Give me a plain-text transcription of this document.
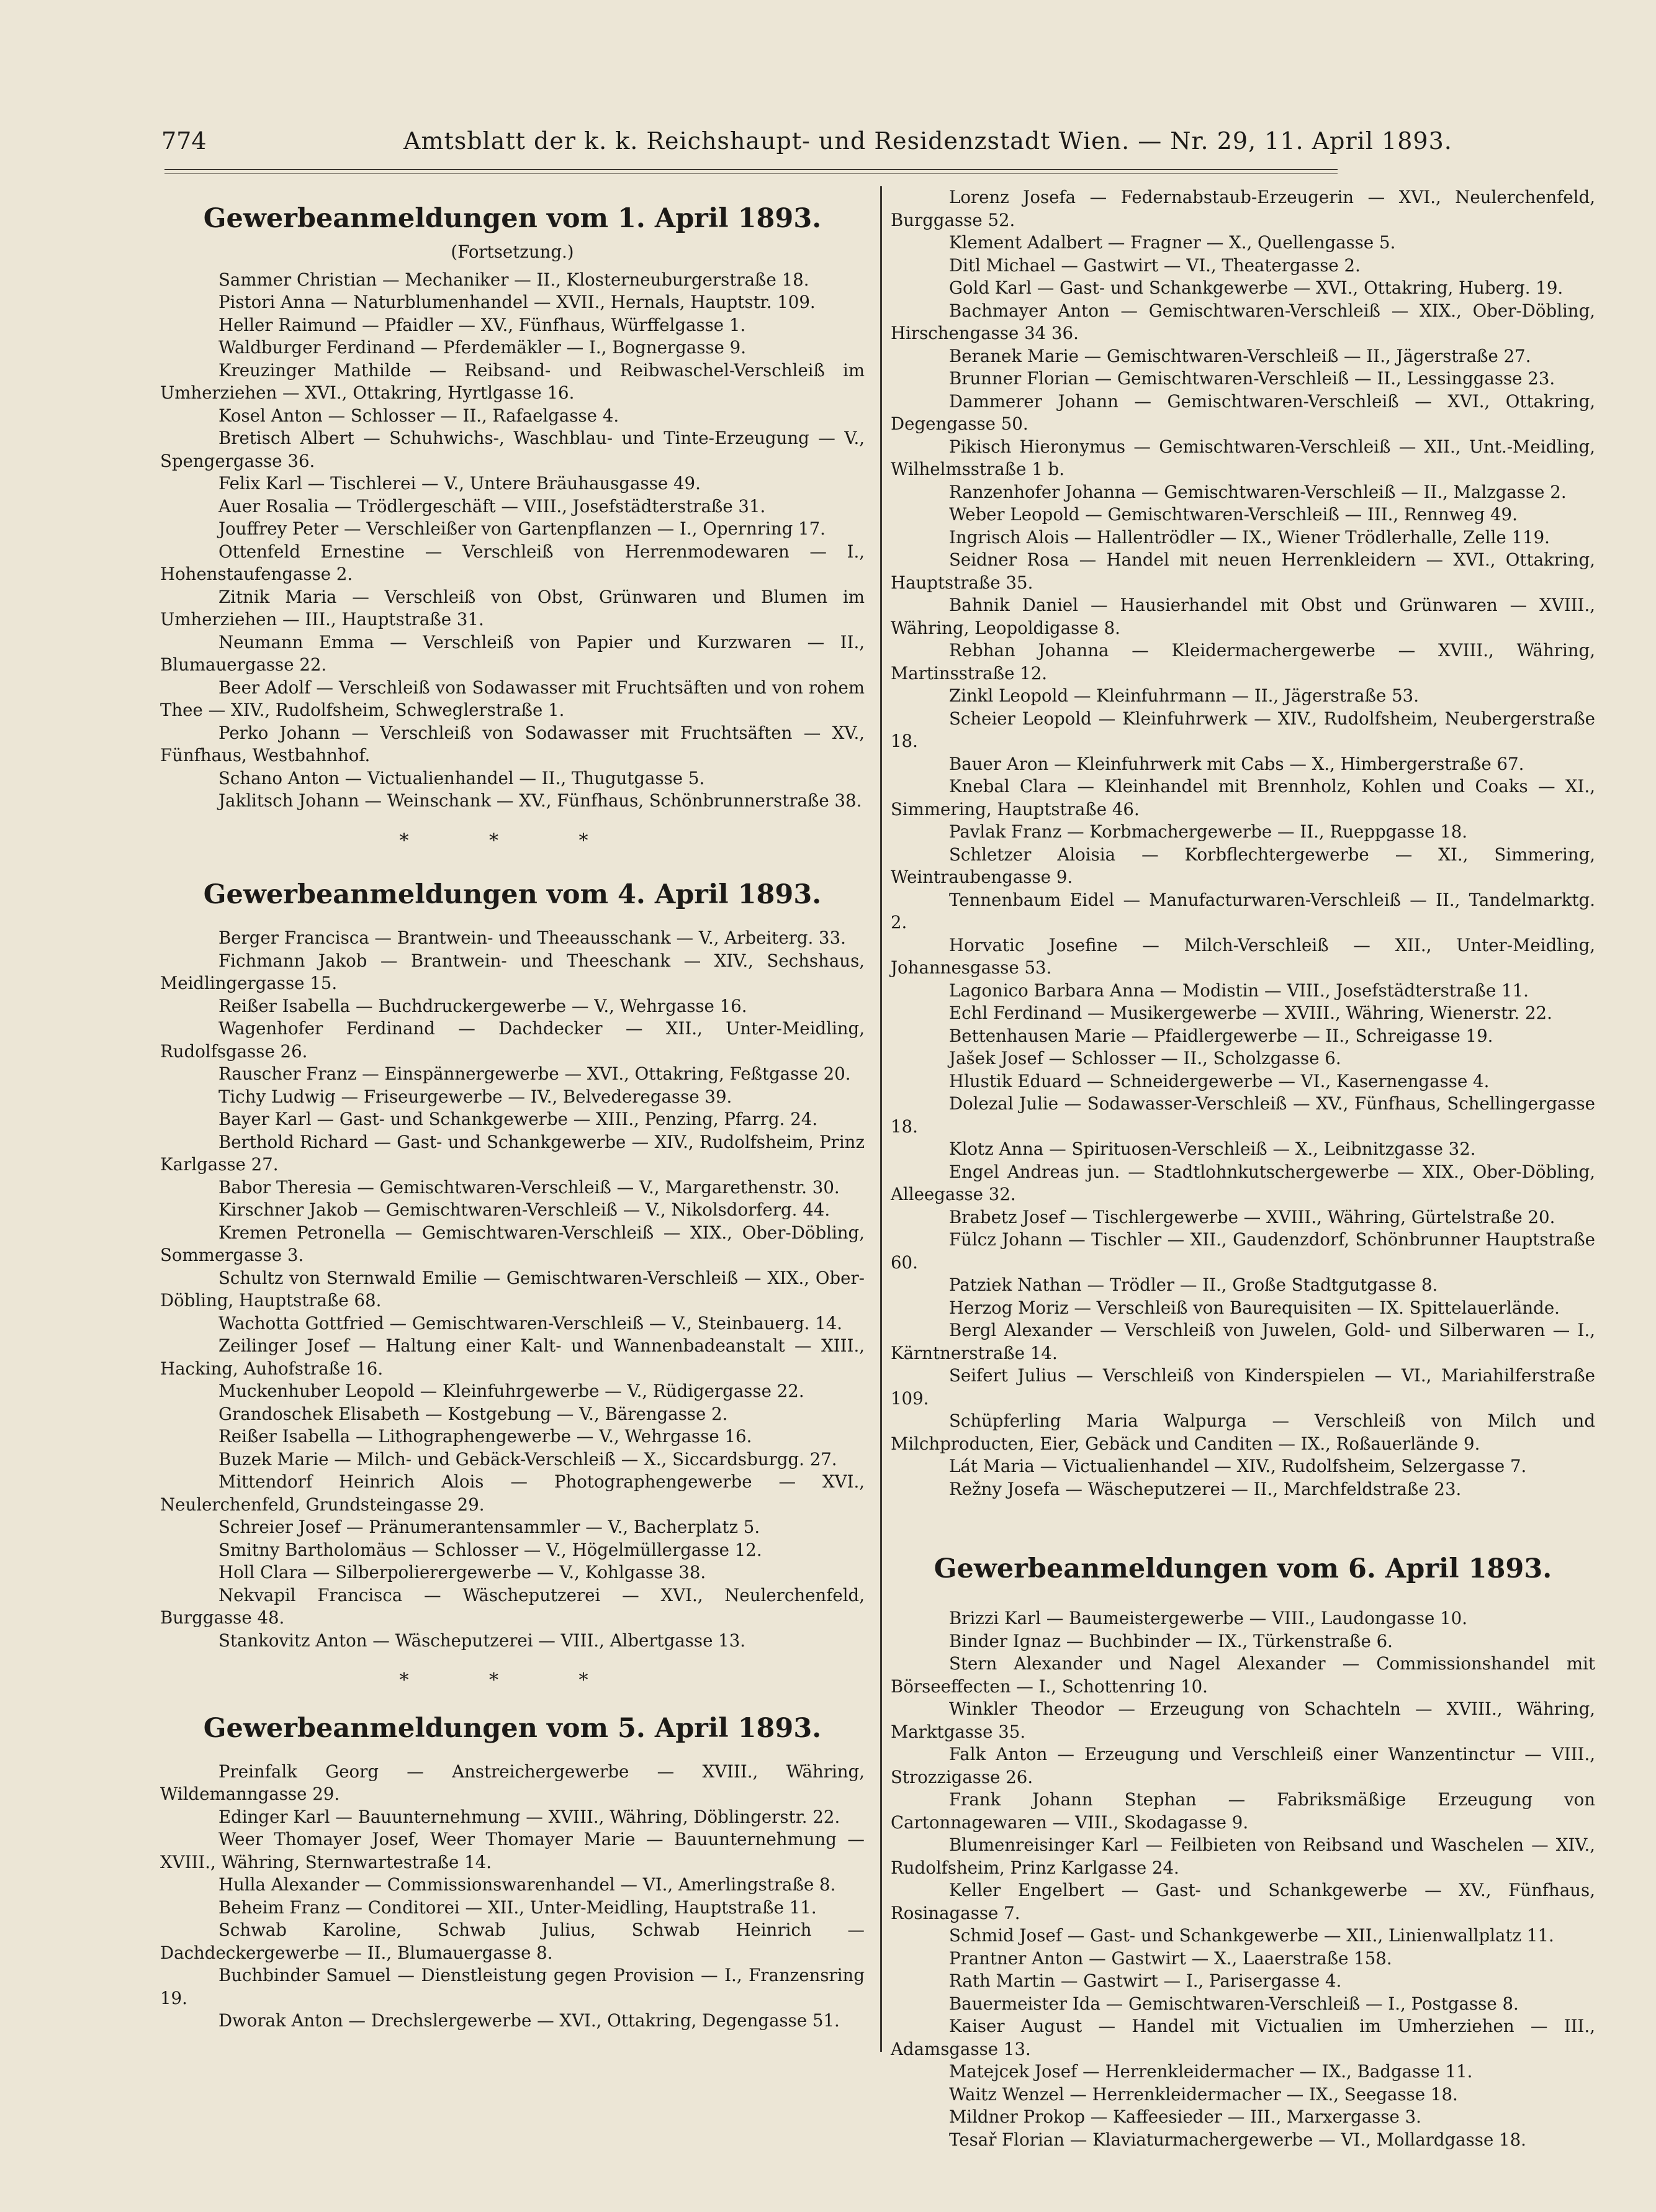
774	Amtsblatt der k. k. Reichshaupt- und Residenzstadt Wien. — Nr. 29, 11. April 1893.
Gewerbeanmeldungen vom 1. April 1893.

(Fortsetzung.)

Sammer Christian — Mechaniker — II., Klosterneuburgerstraße 18.

Pistori Anna — Naturblumenhandel — XVII., Hernals, Hauptstr. 109.

Heller Raimund — Pfaidler — XV., Fünfhaus, Würffelgasse 1.

Waldburger Ferdinand — Pferdemäkler — I., Bognergasse 9.

Kreuzinger Mathilde — Reibsand- und Reibwaschel-Verschleiß im Umherziehen — XVI., Ottakring, Hyrtlgasse 16.

Kosel Anton — Schlosser — II., Rafaelgasse 4.

Bretisch Albert — Schuhwichs-, Waschblau- und Tinte-Erzeugung — V., Spengergasse 36.

Felix Karl — Tischlerei — V., Untere Bräuhausgasse 49.

Auer Rosalia — Trödlergeschäft — VIII., Josefstädterstraße 31.

Jouffrey Peter — Verschleißer von Gartenpflanzen — I., Opernring 17.

Ottenfeld Ernestine — Verschleiß von Herrenmodewaren — I., Hohenstaufengasse 2.

Zitnik Maria — Verschleiß von Obst, Grünwaren und Blumen im Umherziehen — III., Hauptstraße 31.

Neumann Emma — Verschleiß von Papier und Kurzwaren — II., Blumauergasse 22.

Beer Adolf — Verschleiß von Sodawasser mit Fruchtsäften und von rohem Thee — XIV., Rudolfsheim, Schweglerstraße 1.

Perko Johann — Verschleiß von Sodawasser mit Fruchtsäften — XV., Fünfhaus, Westbahnhof.

Schano Anton — Victualienhandel — II., Thugutgasse 5.

Jaklitsch Johann — Weinschank — XV., Fünfhaus, Schönbrunnerstraße 38.

* * *

Gewerbeanmeldungen vom 4. April 1893.

Berger Francisca — Brantwein- und Theeausschank — V., Arbeiterg. 33.

Fichmann Jakob — Brantwein- und Theeschank — XIV., Sechshaus, Meidlingergasse 15.

Reißer Isabella — Buchdruckergewerbe — V., Wehrgasse 16.

Wagenhofer Ferdinand — Dachdecker — XII., Unter-Meidling, Rudolfsgasse 26.

Rauscher Franz — Einspännergewerbe — XVI., Ottakring, Feßtgasse 20.

Tichy Ludwig — Friseurgewerbe — IV., Belvederegasse 39.

Bayer Karl — Gast- und Schankgewerbe — XIII., Penzing, Pfarrg. 24.

Berthold Richard — Gast- und Schankgewerbe — XIV., Rudolfsheim, Prinz Karlgasse 27.

Babor Theresia — Gemischtwaren-Verschleiß — V., Margarethenstr. 30.

Kirschner Jakob — Gemischtwaren-Verschleiß — V., Nikolsdorferg. 44.

Kremen Petronella — Gemischtwaren-Verschleiß — XIX., Ober-Döbling, Sommergasse 3.

Schultz von Sternwald Emilie — Gemischtwaren-Verschleiß — XIX., Ober-Döbling, Hauptstraße 68.

Wachotta Gottfried — Gemischtwaren-Verschleiß — V., Steinbauerg. 14.

Zeilinger Josef — Haltung einer Kalt- und Wannenbadeanstalt — XIII., Hacking, Auhofstraße 16.

Muckenhuber Leopold — Kleinfuhrgewerbe — V., Rüdigergasse 22.

Grandoschek Elisabeth — Kostgebung — V., Bärengasse 2.

Reißer Isabella — Lithographengewerbe — V., Wehrgasse 16.

Buzek Marie — Milch- und Gebäck-Verschleiß — X., Siccardsburgg. 27.

Mittendorf Heinrich Alois — Photographengewerbe — XVI., Neulerchenfeld, Grundsteingasse 29.

Schreier Josef — Pränumerantensammler — V., Bacherplatz 5.

Smitny Bartholomäus — Schlosser — V., Högelmüllergasse 12.

Holl Clara — Silberpolierergewerbe — V., Kohlgasse 38.

Nekvapil Francisca — Wäscheputzerei — XVI., Neulerchenfeld, Burggasse 48.

Stankovitz Anton — Wäscheputzerei — VIII., Albertgasse 13.

* * *

Gewerbeanmeldungen vom 5. April 1893.

Preinfalk Georg — Anstreichergewerbe — XVIII., Währing, Wildemanngasse 29.

Edinger Karl — Bauunternehmung — XVIII., Währing, Döblingerstr. 22.

Weer Thomayer Josef, Weer Thomayer Marie — Bauunternehmung — XVIII., Währing, Sternwartestraße 14.

Hulla Alexander — Commissionswarenhandel — VI., Amerlingstraße 8.

Beheim Franz — Conditorei — XII., Unter-Meidling, Hauptstraße 11.

Schwab Karoline, Schwab Julius, Schwab Heinrich — Dachdeckergewerbe — II., Blumauergasse 8.

Buchbinder Samuel — Dienstleistung gegen Provision — I., Franzensring 19.

Dworak Anton — Drechslergewerbe — XVI., Ottakring, Degengasse 51.

Lorenz Josefa — Federnabstaub-Erzeugerin — XVI., Neulerchenfeld, Burggasse 52.

Klement Adalbert — Fragner — X., Quellengasse 5.

Ditl Michael — Gastwirt — VI., Theatergasse 2.

Gold Karl — Gast- und Schankgewerbe — XVI., Ottakring, Huberg. 19.

Bachmayer Anton — Gemischtwaren-Verschleiß — XIX., Ober-Döbling, Hirschengasse 34 36.

Beranek Marie — Gemischtwaren-Verschleiß — II., Jägerstraße 27.

Brunner Florian — Gemischtwaren-Verschleiß — II., Lessinggasse 23.

Dammerer Johann — Gemischtwaren-Verschleiß — XVI., Ottakring, Degengasse 50.

Pikisch Hieronymus — Gemischtwaren-Verschleiß — XII., Unt.-Meidling, Wilhelmsstraße 1 b.

Ranzenhofer Johanna — Gemischtwaren-Verschleiß — II., Malzgasse 2.

Weber Leopold — Gemischtwaren-Verschleiß — III., Rennweg 49.

Ingrisch Alois — Hallentrödler — IX., Wiener Trödlerhalle, Zelle 119.

Seidner Rosa — Handel mit neuen Herrenkleidern — XVI., Ottakring, Hauptstraße 35.

Bahnik Daniel — Hausierhandel mit Obst und Grünwaren — XVIII., Währing, Leopoldigasse 8.

Rebhan Johanna — Kleidermachergewerbe — XVIII., Währing, Martinsstraße 12.

Zinkl Leopold — Kleinfuhrmann — II., Jägerstraße 53.

Scheier Leopold — Kleinfuhrwerk — XIV., Rudolfsheim, Neubergerstraße 18.

Bauer Aron — Kleinfuhrwerk mit Cabs — X., Himbergerstraße 67.

Knebal Clara — Kleinhandel mit Brennholz, Kohlen und Coaks — XI., Simmering, Hauptstraße 46.

Pavlak Franz — Korbmachergewerbe — II., Rueppgasse 18.

Schletzer Aloisia — Korbflechtergewerbe — XI., Simmering, Weintraubengasse 9.

Tennenbaum Eidel — Manufacturwaren-Verschleiß — II., Tandelmarktg. 2.

Horvatic Josefine — Milch-Verschleiß — XII., Unter-Meidling, Johannesgasse 53.

Lagonico Barbara Anna — Modistin — VIII., Josefstädterstraße 11.

Echl Ferdinand — Musikergewerbe — XVIII., Währing, Wienerstr. 22.

Bettenhausen Marie — Pfaidlergewerbe — II., Schreigasse 19.

Jašek Josef — Schlosser — II., Scholzgasse 6.

Hlustik Eduard — Schneidergewerbe — VI., Kasernengasse 4.

Dolezal Julie — Sodawasser-Verschleiß — XV., Fünfhaus, Schellingergasse 18.

Klotz Anna — Spirituosen-Verschleiß — X., Leibnitzgasse 32.

Engel Andreas jun. — Stadtlohnkutschergewerbe — XIX., Ober-Döbling, Alleegasse 32.

Brabetz Josef — Tischlergewerbe — XVIII., Währing, Gürtelstraße 20.

Fülcz Johann — Tischler — XII., Gaudenzdorf, Schönbrunner Hauptstraße 60.

Patziek Nathan — Trödler — II., Große Stadtgutgasse 8.

Herzog Moriz — Verschleiß von Baurequisiten — IX. Spittelauerlände.

Bergl Alexander — Verschleiß von Juwelen, Gold- und Silberwaren — I., Kärntnerstraße 14.

Seifert Julius — Verschleiß von Kinderspielen — VI., Mariahilferstraße 109.

Schüpferling Maria Walpurga — Verschleiß von Milch und Milchproducten, Eier, Gebäck und Canditen — IX., Roßauerlände 9.

Lát Maria — Victualienhandel — XIV., Rudolfsheim, Selzergasse 7.

Režny Josefa — Wäscheputzerei — II., Marchfeldstraße 23.

Gewerbeanmeldungen vom 6. April 1893.

Brizzi Karl — Baumeistergewerbe — VIII., Laudongasse 10.

Binder Ignaz — Buchbinder — IX., Türkenstraße 6.

Stern Alexander und Nagel Alexander — Commissionshandel mit Börseeffecten — I., Schottenring 10.

Winkler Theodor — Erzeugung von Schachteln — XVIII., Währing, Marktgasse 35.

Falk Anton — Erzeugung und Verschleiß einer Wanzentinctur — VIII., Strozzigasse 26.

Frank Johann Stephan — Fabriksmäßige Erzeugung von Cartonnagewaren — VIII., Skodagasse 9.

Blumenreisinger Karl — Feilbieten von Reibsand und Waschelen — XIV., Rudolfsheim, Prinz Karlgasse 24.

Keller Engelbert — Gast- und Schankgewerbe — XV., Fünfhaus, Rosinagasse 7.

Schmid Josef — Gast- und Schankgewerbe — XII., Linienwallplatz 11.

Prantner Anton — Gastwirt — X., Laaerstraße 158.

Rath Martin — Gastwirt — I., Parisergasse 4.

Bauermeister Ida — Gemischtwaren-Verschleiß — I., Postgasse 8.

Kaiser August — Handel mit Victualien im Umherziehen — III., Adamsgasse 13.

Matejcek Josef — Herrenkleidermacher — IX., Badgasse 11.

Waitz Wenzel — Herrenkleidermacher — IX., Seegasse 18.

Mildner Prokop — Kaffeesieder — III., Marxergasse 3.

Tesař Florian — Klaviaturmachergewerbe — VI., Mollardgasse 18.
